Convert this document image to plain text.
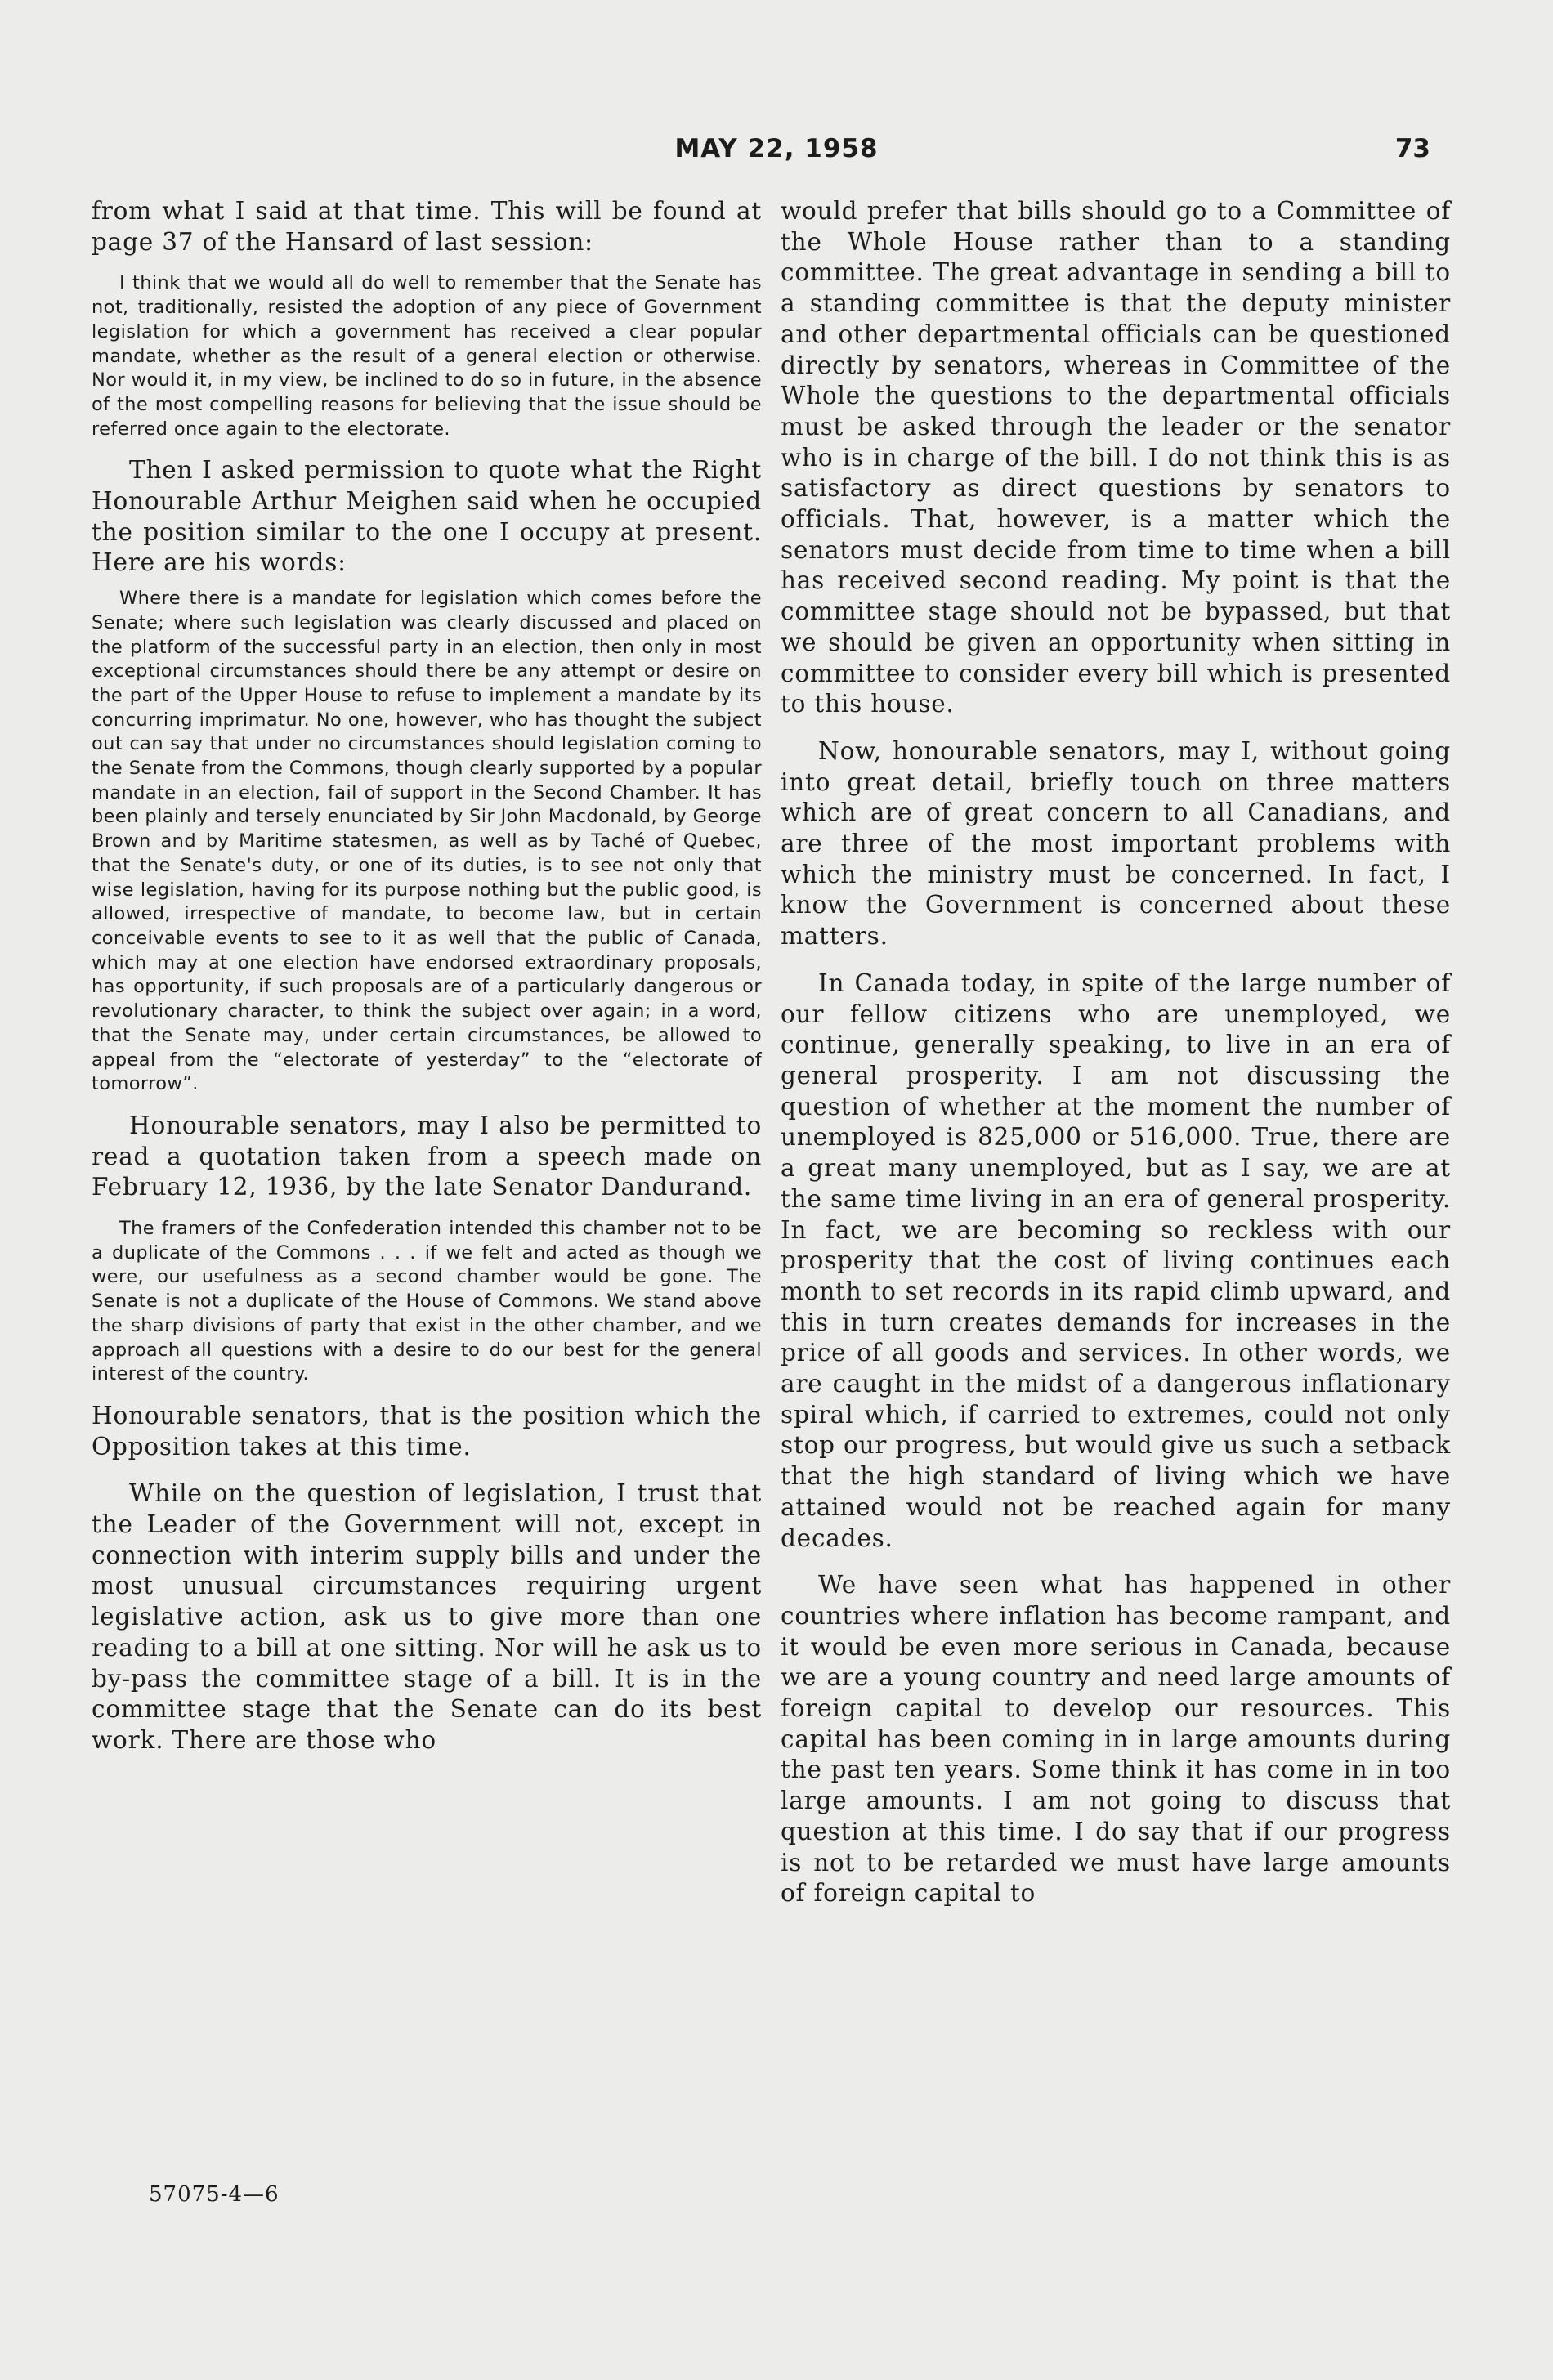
MAY 22, 1958	73

from what I said at that time. This will be found at page 37 of the Hansard of last session:

I think that we would all do well to remember that the Senate has not, traditionally, resisted the adoption of any piece of Government legislation for which a government has received a clear popular mandate, whether as the result of a general election or otherwise. Nor would it, in my view, be inclined to do so in future, in the absence of the most compelling reasons for believing that the issue should be referred once again to the electorate.

Then I asked permission to quote what the Right Honourable Arthur Meighen said when he occupied the position similar to the one I occupy at present. Here are his words:

Where there is a mandate for legislation which comes before the Senate; where such legislation was clearly discussed and placed on the platform of the successful party in an election, then only in most exceptional circumstances should there be any attempt or desire on the part of the Upper House to refuse to implement a mandate by its concurring imprimatur. No one, however, who has thought the subject out can say that under no circumstances should legislation coming to the Senate from the Commons, though clearly supported by a popular mandate in an election, fail of support in the Second Chamber. It has been plainly and tersely enunciated by Sir John Macdonald, by George Brown and by Maritime statesmen, as well as by Taché of Quebec, that the Senate's duty, or one of its duties, is to see not only that wise legislation, having for its purpose nothing but the public good, is allowed, irrespective of mandate, to become law, but in certain conceivable events to see to it as well that the public of Canada, which may at one election have endorsed extraordinary proposals, has opportunity, if such proposals are of a particularly dangerous or revolutionary character, to think the subject over again; in a word, that the Senate may, under certain circumstances, be allowed to appeal from the “electorate of yesterday” to the “electorate of tomorrow”.

Honourable senators, may I also be permitted to read a quotation taken from a speech made on February 12, 1936, by the late Senator Dandurand.

The framers of the Confederation intended this chamber not to be a duplicate of the Commons . . . if we felt and acted as though we were, our usefulness as a second chamber would be gone. The Senate is not a duplicate of the House of Commons. We stand above the sharp divisions of party that exist in the other chamber, and we approach all questions with a desire to do our best for the general interest of the country.

Honourable senators, that is the position which the Opposition takes at this time.

While on the question of legislation, I trust that the Leader of the Government will not, except in connection with interim supply bills and under the most unusual circumstances requiring urgent legislative action, ask us to give more than one reading to a bill at one sitting. Nor will he ask us to by-pass the committee stage of a bill. It is in the committee stage that the Senate can do its best work. There are those who

would prefer that bills should go to a Committee of the Whole House rather than to a standing committee. The great advantage in sending a bill to a standing committee is that the deputy minister and other departmental officials can be questioned directly by senators, whereas in Committee of the Whole the questions to the departmental officials must be asked through the leader or the senator who is in charge of the bill. I do not think this is as satisfactory as direct questions by senators to officials. That, however, is a matter which the senators must decide from time to time when a bill has received second reading. My point is that the committee stage should not be bypassed, but that we should be given an opportunity when sitting in committee to consider every bill which is presented to this house.

Now, honourable senators, may I, without going into great detail, briefly touch on three matters which are of great concern to all Canadians, and are three of the most important problems with which the ministry must be concerned. In fact, I know the Government is concerned about these matters.

In Canada today, in spite of the large number of our fellow citizens who are unemployed, we continue, generally speaking, to live in an era of general prosperity. I am not discussing the question of whether at the moment the number of unemployed is 825,000 or 516,000. True, there are a great many unemployed, but as I say, we are at the same time living in an era of general prosperity. In fact, we are becoming so reckless with our prosperity that the cost of living continues each month to set records in its rapid climb upward, and this in turn creates demands for increases in the price of all goods and services. In other words, we are caught in the midst of a dangerous inflationary spiral which, if carried to extremes, could not only stop our progress, but would give us such a setback that the high standard of living which we have attained would not be reached again for many decades.

We have seen what has happened in other countries where inflation has become rampant, and it would be even more serious in Canada, because we are a young country and need large amounts of foreign capital to develop our resources. This capital has been coming in in large amounts during the past ten years. Some think it has come in in too large amounts. I am not going to discuss that question at this time. I do say that if our progress is not to be retarded we must have large amounts of foreign capital to

57075-4—6
